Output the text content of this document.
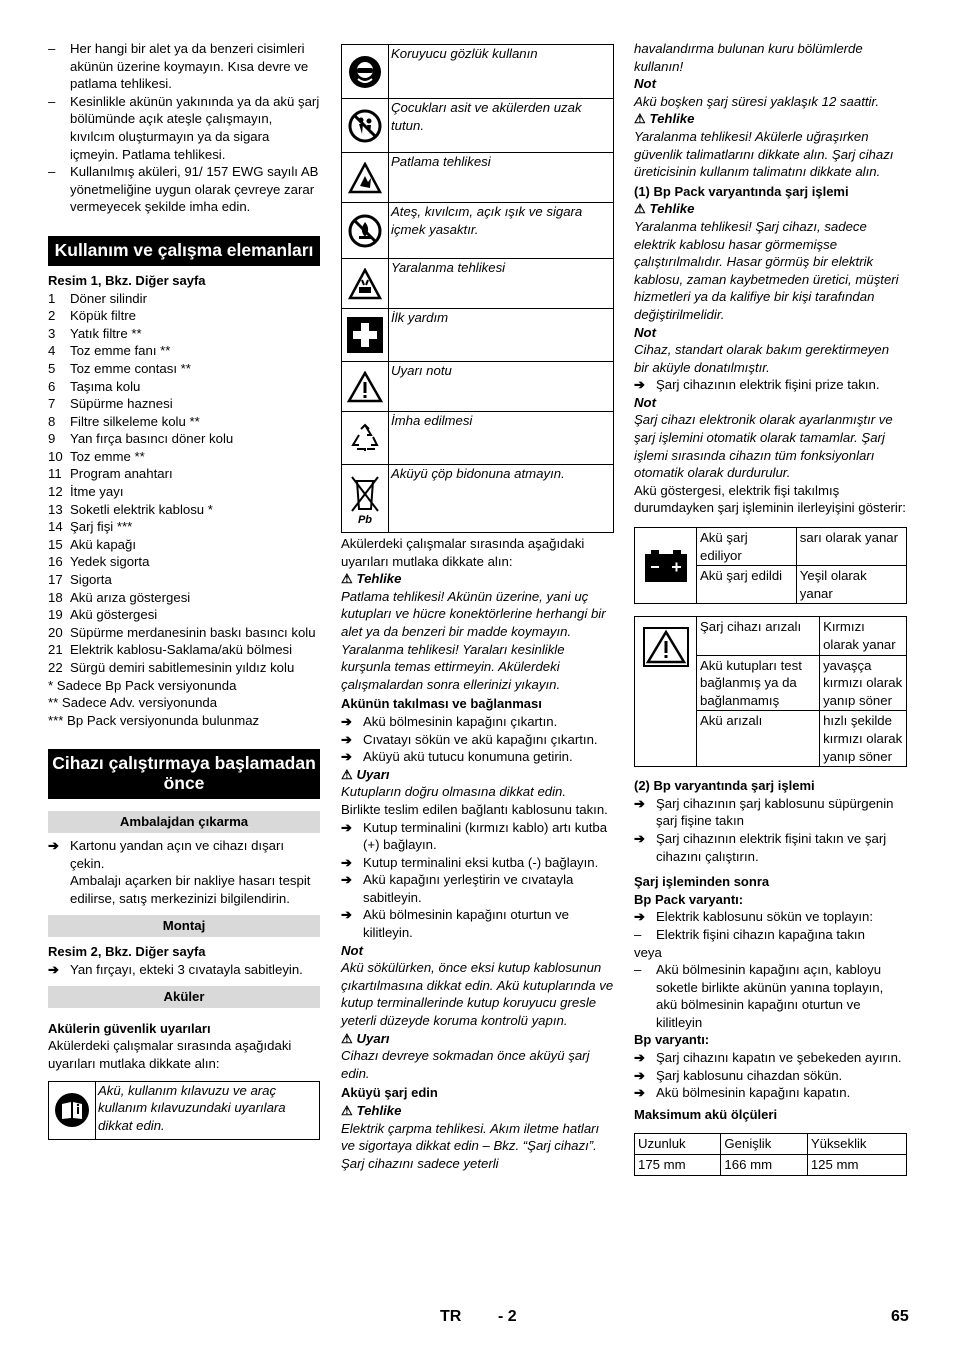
– Her hangi bir alet ya da benzeri cisimleri akünün üzerine koymayın. Kısa devre ve patlama tehlikesi.
– Kesinlikle akünün yakınında ya da akü şarj bölümünde açık ateşle çalışmayın, kıvılcım oluşturmayın ya da sigara içmeyin. Patlama tehlikesi.
– Kullanılmış aküleri, 91/ 157 EWG sayılı AB yönetmeliğine uygun olarak çevreye zarar vermeyecek şekilde imha edin.
Kullanım ve çalışma elemanları
Resim 1, Bkz. Diğer sayfa
1	Döner silindir
2	Köpük filtre
3	Yatık filtre **
4	Toz emme fanı **
5	Toz emme contası **
6	Taşıma kolu
7	Süpürme haznesi
8	Filtre silkeleme kolu **
9	Yan fırça basıncı döner kolu
10 Toz emme **
11 Program anahtarı
12 İtme yayı
13 Soketli elektrik kablosu *
14 Şarj fişi ***
15 Akü kapağı
16 Yedek sigorta
17 Sigorta
18 Akü arıza göstergesi
19 Akü göstergesi
20 Süpürme merdanesinin baskı basıncı kolu
21 Elektrik kablosu-Saklama/akü bölmesi
22 Sürgü demiri sabitlemesinin yıldız kolu
* Sadece Bp Pack versiyonunda
** Sadece Adv. versiyonunda
*** Bp Pack versiyonunda bulunmaz
Cihazı çalıştırmaya başlamadan önce
Ambalajdan çıkarma
➔ Kartonu yandan açın ve cihazı dışarı çekin.
Ambalajı açarken bir nakliye hasarı tespit edilirse, satış merkezinizi bilgilendirin.
Montaj
Resim 2, Bkz. Diğer sayfa
➔ Yan fırçayı, ekteki 3 cıvatayla sabitleyin.
Aküler
Akülerin güvenlik uyarıları
Akülerdeki çalışmalar sırasında aşağıdaki uyarıları mutlaka dikkate alın:
	Akü, kullanım kılavuzu ve araç kullanım kılavuzundaki uyarılara dikkat edin.
	Koruyucu gözlük kullanın

	Çocukları asit ve akülerden uzak tutun.

	Patlama tehlikesi

	Ateş, kıvılcım, açık ışık ve sigara içmek yasaktır.

	Yaralanma tehlikesi

	İlk yardım

	Uyarı notu

	İmha edilmesi

Pb	Aküyü çöp bidonuna atmayın.
Akülerdeki çalışmalar sırasında aşağıdaki uyarıları mutlaka dikkate alın:
⚠ Tehlike
Patlama tehlikesi! Akünün üzerine, yani uç kutupları ve hücre konektörlerine herhangi bir alet ya da benzeri bir madde koymayın. Yaralanma tehlikesi! Yaraları kesinlikle kurşunla temas ettirmeyin. Akülerdeki çalışmalardan sonra ellerinizi yıkayın.
Akünün takılması ve bağlanması
➔ Akü bölmesinin kapağını çıkartın.
➔ Cıvatayı sökün ve akü kapağını çıkartın.
➔ Aküyü akü tutucu konumuna getirin.
⚠ Uyarı
Kutupların doğru olmasına dikkat edin.
Birlikte teslim edilen bağlantı kablosunu takın.
➔ Kutup terminalini (kırmızı kablo) artı kutba (+) bağlayın.
➔ Kutup terminalini eksi kutba (-) bağlayın.
➔ Akü kapağını yerleştirin ve cıvatayla sabitleyin.
➔ Akü bölmesinin kapağını oturtun ve kilitleyin.
Not
Akü sökülürken, önce eksi kutup kablosunun çıkartılmasına dikkat edin. Akü kutuplarında ve kutup terminallerinde kutup koruyucu gresle yeterli düzeyde koruma kontrolü yapın.
⚠ Uyarı
Cihazı devreye sokmadan önce aküyü şarj edin.
Aküyü şarj edin
⚠ Tehlike
Elektrik çarpma tehlikesi. Akım iletme hatları ve sigortaya dikkat edin – Bkz. “Şarj cihazı”. Şarj cihazını sadece yeterli
havalandırma bulunan kuru bölümlerde kullanın!
Not
Akü boşken şarj süresi yaklaşık 12 saattir.
⚠ Tehlike
Yaralanma tehlikesi! Akülerle uğraşırken güvenlik talimatlarını dikkate alın. Şarj cihazı üreticisinin kullanım talimatını dikkate alın.
(1) Bp Pack varyantında şarj işlemi
⚠ Tehlike
Yaralanma tehlikesi! Şarj cihazı, sadece elektrik kablosu hasar görmemişse çalıştırılmalıdır. Hasar görmüş bir elektrik kablosu, zaman kaybetmeden üretici, müşteri hizmetleri ya da kalifiye bir kişi tarafından değiştirilmelidir.
Not
Cihaz, standart olarak bakım gerektirmeyen bir aküyle donatılmıştır.
➔ Şarj cihazının elektrik fişini prize takın.
Not
Şarj cihazı elektronik olarak ayarlanmıştır ve şarj işlemini otomatik olarak tamamlar. Şarj işlemi sırasında cihazın tüm fonksiyonları otomatik olarak durdurulur.
Akü göstergesi, elektrik fişi takılmış durumdayken şarj işleminin ilerleyişini gösterir:
	Akü şarj ediliyor	sarı olarak yanar
	Akü şarj edildi	Yeşil olarak yanar
	Şarj cihazı arızalı	Kırmızı olarak yanar
	Akü kutupları test bağlanmış ya da bağlanmamış	yavaşça kırmızı olarak yanıp söner
	Akü arızalı	hızlı şekilde kırmızı olarak yanıp söner
(2) Bp varyantında şarj işlemi
➔ Şarj cihazının şarj kablosunu süpürgenin şarj fişine takın
➔ Şarj cihazının elektrik fişini takın ve şarj cihazını çalıştırın.
Şarj işleminden sonra
Bp Pack varyantı:
➔ Elektrik kablosunu sökün ve toplayın:
– Elektrik fişini cihazın kapağına takın
veya
– Akü bölmesinin kapağını açın, kabloyu soketle birlikte akünün yanına toplayın, akü bölmesinin kapağını oturtun ve kilitleyin
Bp varyantı:
➔ Şarj cihazını kapatın ve şebekeden ayırın.
➔ Şarj kablosunu cihazdan sökün.
➔ Akü bölmesinin kapağını kapatın.
Maksimum akü ölçüleri
Uzunluk	Genişlik	Yükseklik
175 mm	166 mm	125 mm
TR - 2	65
